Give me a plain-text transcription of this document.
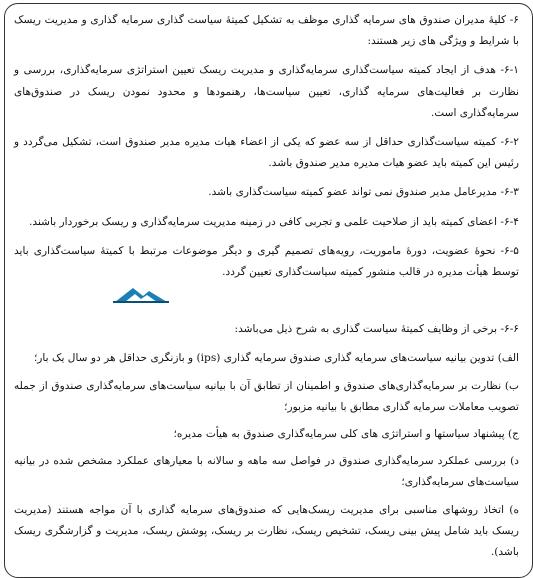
۶- کلیهٔ مدیران صندوق های سرمایه گذاری موظف به تشکیل کمیتهٔ سیاست گذاری سرمایه گذاری و مدیریت ریسک با شرایط و ویژگی های زیر هستند:

۶-۱- هدف از ایجاد کمیته سیاست‌گذاری سرمایه‌گذاری و مدیریت ریسک تعیین استراتژی سرمایه‌گذاری، بررسی و نظارت بر فعالیت‌های سرمایه گذاری، تعیین سیاست‌ها، رهنمودها و محدود نمودن ریسک در صندوق‌های سرمایه‌گذاری است.

۶-۲- کمیته سیاست‌گذاری حداقل از سه عضو که یکی از اعضاء هیات مدیره مدیر صندوق است، تشکیل می‌گردد و رئیس این کمیته باید عضو هیات مدیره مدیر صندوق باشد.

۶-۳- مدیرعامل مدیر صندوق نمی تواند عضو کمیته سیاست‌گذاری باشد.

۶-۴- اعضای کمیته باید از صلاحیت علمی و تجربی کافی در زمینه مدیریت سرمایه‌گذاری و ریسک برخوردار باشند.

۶-۵- نحوهٔ عضویت، دورهٔ ماموریت، رویه‌های تصمیم گیری و دیگر موضوعات مرتبط با کمیتهٔ سیاست‌گذاری باید توسط هیأت مدیره در قالب منشور کمیته سیاست‌گذاری تعیین گردد.

۶-۶- برخی از وظایف کمیتهٔ سیاست گذاری به شرح ذیل می‌باشد:

الف) تدوین بیانیه سیاست‌های سرمایه گذاری صندوق سرمایه گذاری (ips) و بازنگری حداقل هر دو سال یک بار؛

ب) نظارت بر سرمایه‌گذاری‌های صندوق و اطمینان از تطابق آن با بیانیه سیاست‌های سرمایه‌گذاری صندوق از جمله تصویب معاملات سرمایه گذاری مطابق با بیانیه مزبور؛

ج) پیشنهاد سیاستها و استراتژی های کلی سرمایه‌گذاری صندوق به هیأت مدیره؛

د) بررسی عملکرد سرمایه‌گذاری صندوق در فواصل سه ماهه و سالانه با معیارهای عملکرد مشخص شده در بیانیه سیاست‌های سرمایه‌گذاری؛

ه) اتخاذ روشهای مناسبی برای مدیریت ریسک‌هایی که صندوق‌های سرمایه گذاری با آن مواجه هستند (مدیریت ریسک باید شامل پیش بینی ریسک، تشخیص ریسک، نظارت بر ریسک، پوشش ریسک، مدیریت و گزارشگری ریسک باشد).
